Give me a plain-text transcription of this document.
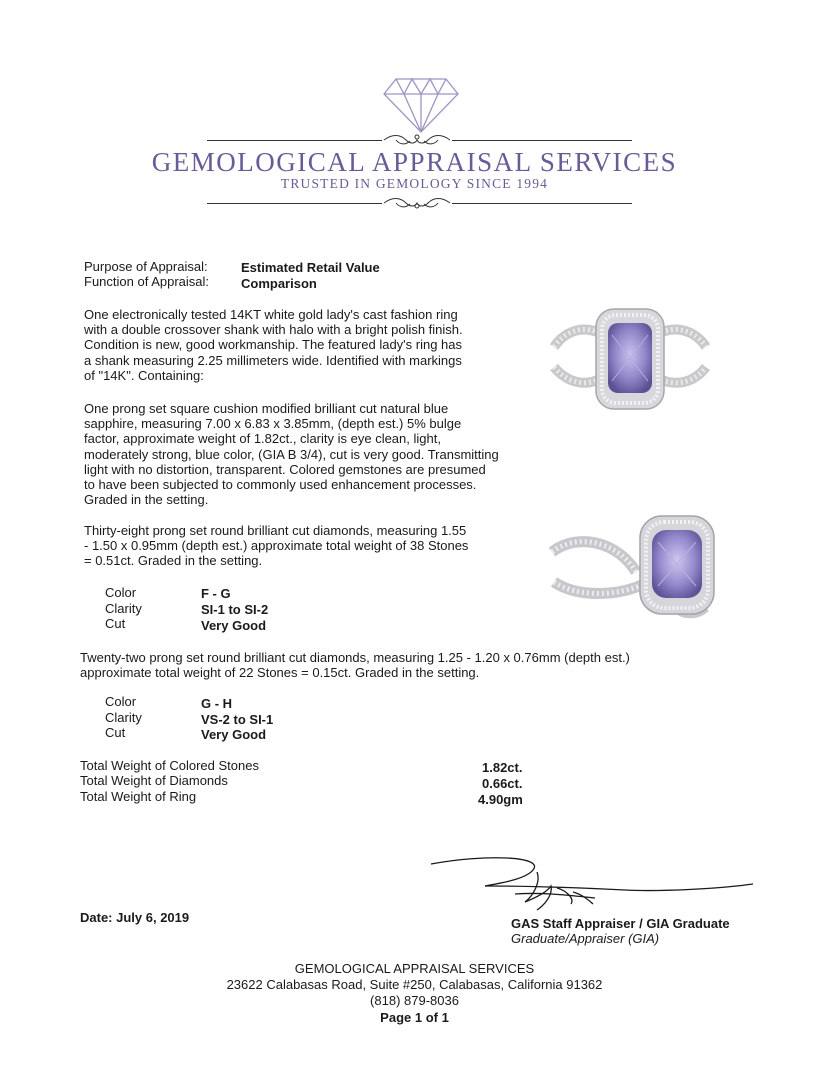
GEMOLOGICAL APPRAISAL SERVICES
TRUSTED IN GEMOLOGY SINCE 1994
Purpose of Appraisal:	Estimated Retail Value
Function of Appraisal: Comparison
One electronically tested 14KT white gold lady's cast fashion ring
with a double crossover shank with halo with a bright polish finish.
Condition is new, good workmanship. The featured lady's ring has
a shank measuring 2.25 millimeters wide. Identified with markings
of "14K". Containing:
One prong set square cushion modified brilliant cut natural blue
sapphire, measuring 7.00 x 6.83 x 3.85mm, (depth est.) 5% bulge
factor, approximate weight of 1.82ct., clarity is eye clean, light,
moderately strong, blue color, (GIA B 3/4), cut is very good. Transmitting
light with no distortion, transparent. Colored gemstones are presumed
to have been subjected to commonly used enhancement processes.
Graded in the setting.
Thirty-eight prong set round brilliant cut diamonds, measuring 1.55
- 1.50 x 0.95mm (depth est.) approximate total weight of 38 Stones
= 0.51ct. Graded in the setting.
Color	F - G
Clarity	SI-1 to SI-2
Cut	Very Good
Twenty-two prong set round brilliant cut diamonds, measuring 1.25 - 1.20 x 0.76mm (depth est.)
approximate total weight of 22 Stones = 0.15ct. Graded in the setting.
Color	G - H
Clarity	VS-2 to SI-1
Cut	Very Good
Total Weight of Colored Stones	1.82ct.
Total Weight of Diamonds	0.66ct.
Total Weight of Ring	4.90gm
Date: July 6, 2019	GAS Staff Appraiser / GIA Graduate
Graduate/Appraiser (GIA)
GEMOLOGICAL APPRAISAL SERVICES
23622 Calabasas Road, Suite #250, Calabasas, California 91362
(818) 879-8036
Page 1 of 1
